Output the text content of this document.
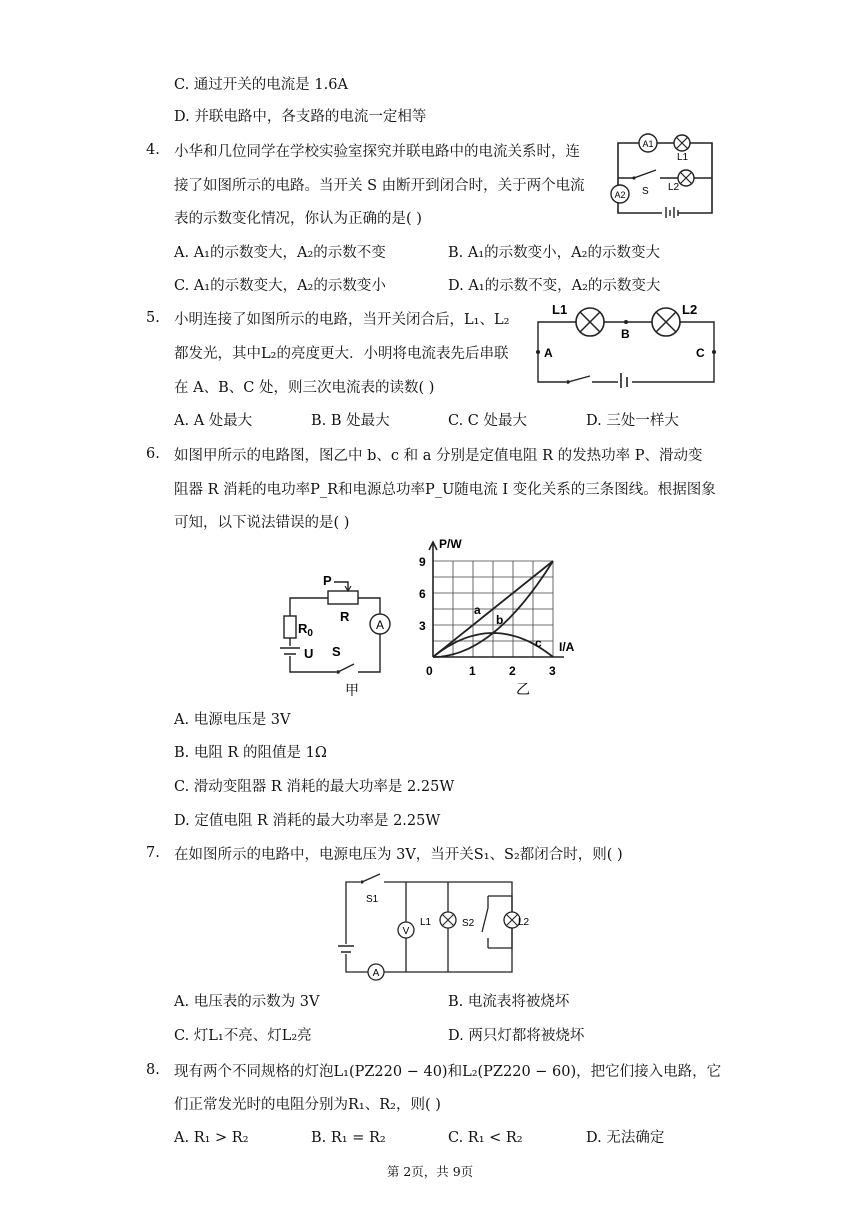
C. 通过开关的电流是 1.6A
D. 并联电路中，各支路的电流一定相等
4. 小华和几位同学在学校实验室探究并联电路中的电流关系时，连
接了如图所示的电路。当开关 S 由断开到闭合时，关于两个电流
表的示数变化情况，你认为正确的是( )
A. A₁的示数变大，A₂的示数不变	B. A₁的示数变小，A₂的示数变大
C. A₁的示数变大，A₂的示数变小	D. A₁的示数不变，A₂的示数变大
A1
L1
A2 S L2
5. 小明连接了如图所示的电路，当开关闭合后，L₁、L₂
都发光，其中L₂的亮度更大．小明将电流表先后串联
在 A、B、C 处，则三次电流表的读数( )
A. A 处最大	B. B 处最大	C. C 处最大	D. 三处一样大
L1	L2
B
A	C
6. 如图甲所示的电路图，图乙中 b、c 和 a 分别是定值电阻 R 的发热功率 P、滑动变
阻器 R 消耗的电功率P_R和电源总功率P_U随电流 I 变化关系的三条图线。根据图象
可知，以下说法错误的是( )
P
R
A
$R_0$
U S
甲
P/W
I/A
0
3
6
9
1	2	3
a
b
c
乙
A. 电源电压是 3V
B. 电阻 R 的阻值是 1Ω
C. 滑动变阻器 R 消耗的最大功率是 2.25W
D. 定值电阻 R 消耗的最大功率是 2.25W
7. 在如图所示的电路中，电源电压为 3V，当开关S₁、S₂都闭合时，则( )
S1
V
L1	S2	L2
A
A. 电压表的示数为 3V	B. 电流表将被烧坏
C. 灯L₁不亮、灯L₂亮	D. 两只灯都将被烧坏
8. 现有两个不同规格的灯泡L₁(PZ220 − 40)和L₂(PZ220 − 60)，把它们接入电路，它
们正常发光时的电阻分别为R₁、R₂，则( )
A. R₁ > R₂	B. R₁ = R₂	C. R₁ < R₂	D. 无法确定
第 2页，共 9页
